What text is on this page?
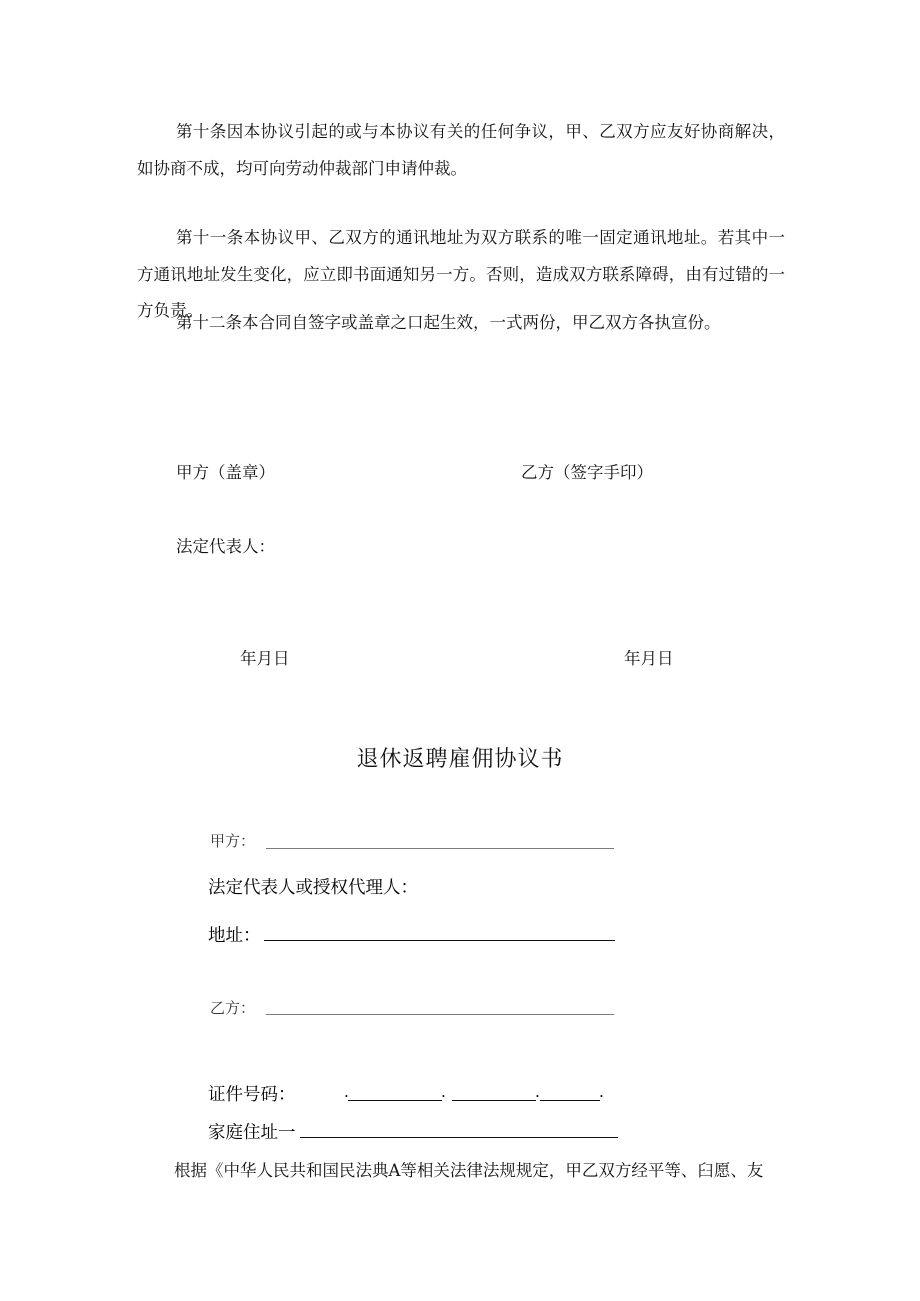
第十条因本协议引起的或与本协议有关的任何争议，甲、乙双方应友好协商解决，如协商不成，均可向劳动仲裁部门申请仲裁。

第十一条本协议甲、乙双方的通讯地址为双方联系的唯一固定通讯地址。若其中一方通讯地址发生变化，应立即书面通知另一方。否则，造成双方联系障碍，由有过错的一方负责。

第十二条本合同自签字或盖章之口起生效，一式两份，甲乙双方各执宣份。

甲方（盖章）	乙方（签字手印）
法定代表人：
年月日	年月日
退休返聘雇佣协议书
甲方：
法定代表人或授权代理人：
地址：
乙方：
证件号码：	.	.	.	.
家庭住址一
根据《中华人民共和国民法典A等相关法律法规规定，甲乙双方经平等、臼愿、友
